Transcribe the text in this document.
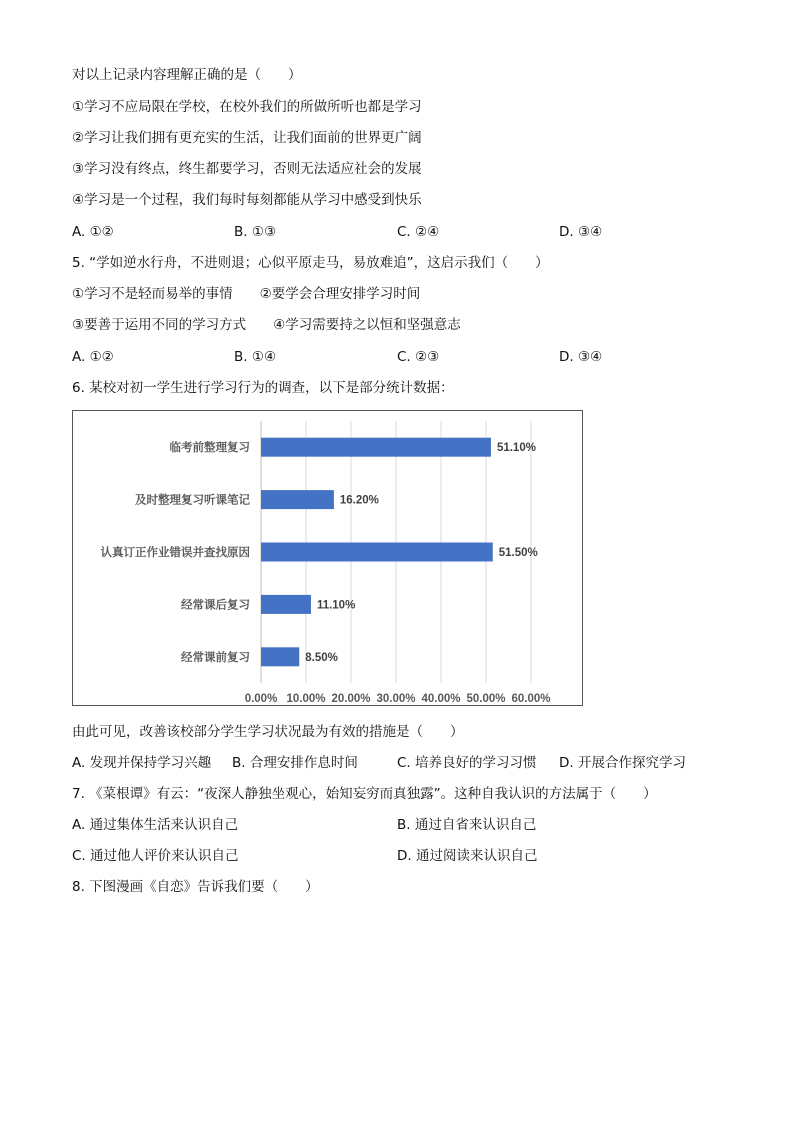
对以上记录内容理解正确的是（　　）
①学习不应局限在学校，在校外我们的所做所听也都是学习
②学习让我们拥有更充实的生活，让我们面前的世界更广阔
③学习没有终点，终生都要学习，否则无法适应社会的发展
④学习是一个过程，我们每时每刻都能从学习中感受到快乐
A. ①②	B. ①③	C. ②④	D. ③④
5. “学如逆水行舟，不进则退；心似平原走马，易放难追”，这启示我们（　　）
①学习不是轻而易举的事情　　②要学会合理安排学习时间
③要善于运用不同的学习方式　　④学习需要持之以恒和坚强意志
A. ①②	B. ①④	C. ②③	D. ③④
6. 某校对初一学生进行学习行为的调查，以下是部分统计数据：
临考前整理复习	51.10%
及时整理复习听课笔记	16.20%
认真订正作业错误并查找原因	51.50%
经常课后复习	11.10%
经常课前复习	8.50%
0.00% 10.00% 20.00% 30.00% 40.00% 50.00% 60.00%
由此可见，改善该校部分学生学习状况最为有效的措施是（　　）
A. 发现并保持学习兴趣 B. 合理安排作息时间	C. 培养良好的学习习惯 D. 开展合作探究学习
7. 《菜根谭》有云：“夜深人静独坐观心，始知妄穷而真独露”。这种自我认识的方法属于（　　）
A. 通过集体生活来认识自己	B. 通过自省来认识自己
C. 通过他人评价来认识自己	D. 通过阅读来认识自己
8. 下图漫画《自恋》告诉我们要（　　）
